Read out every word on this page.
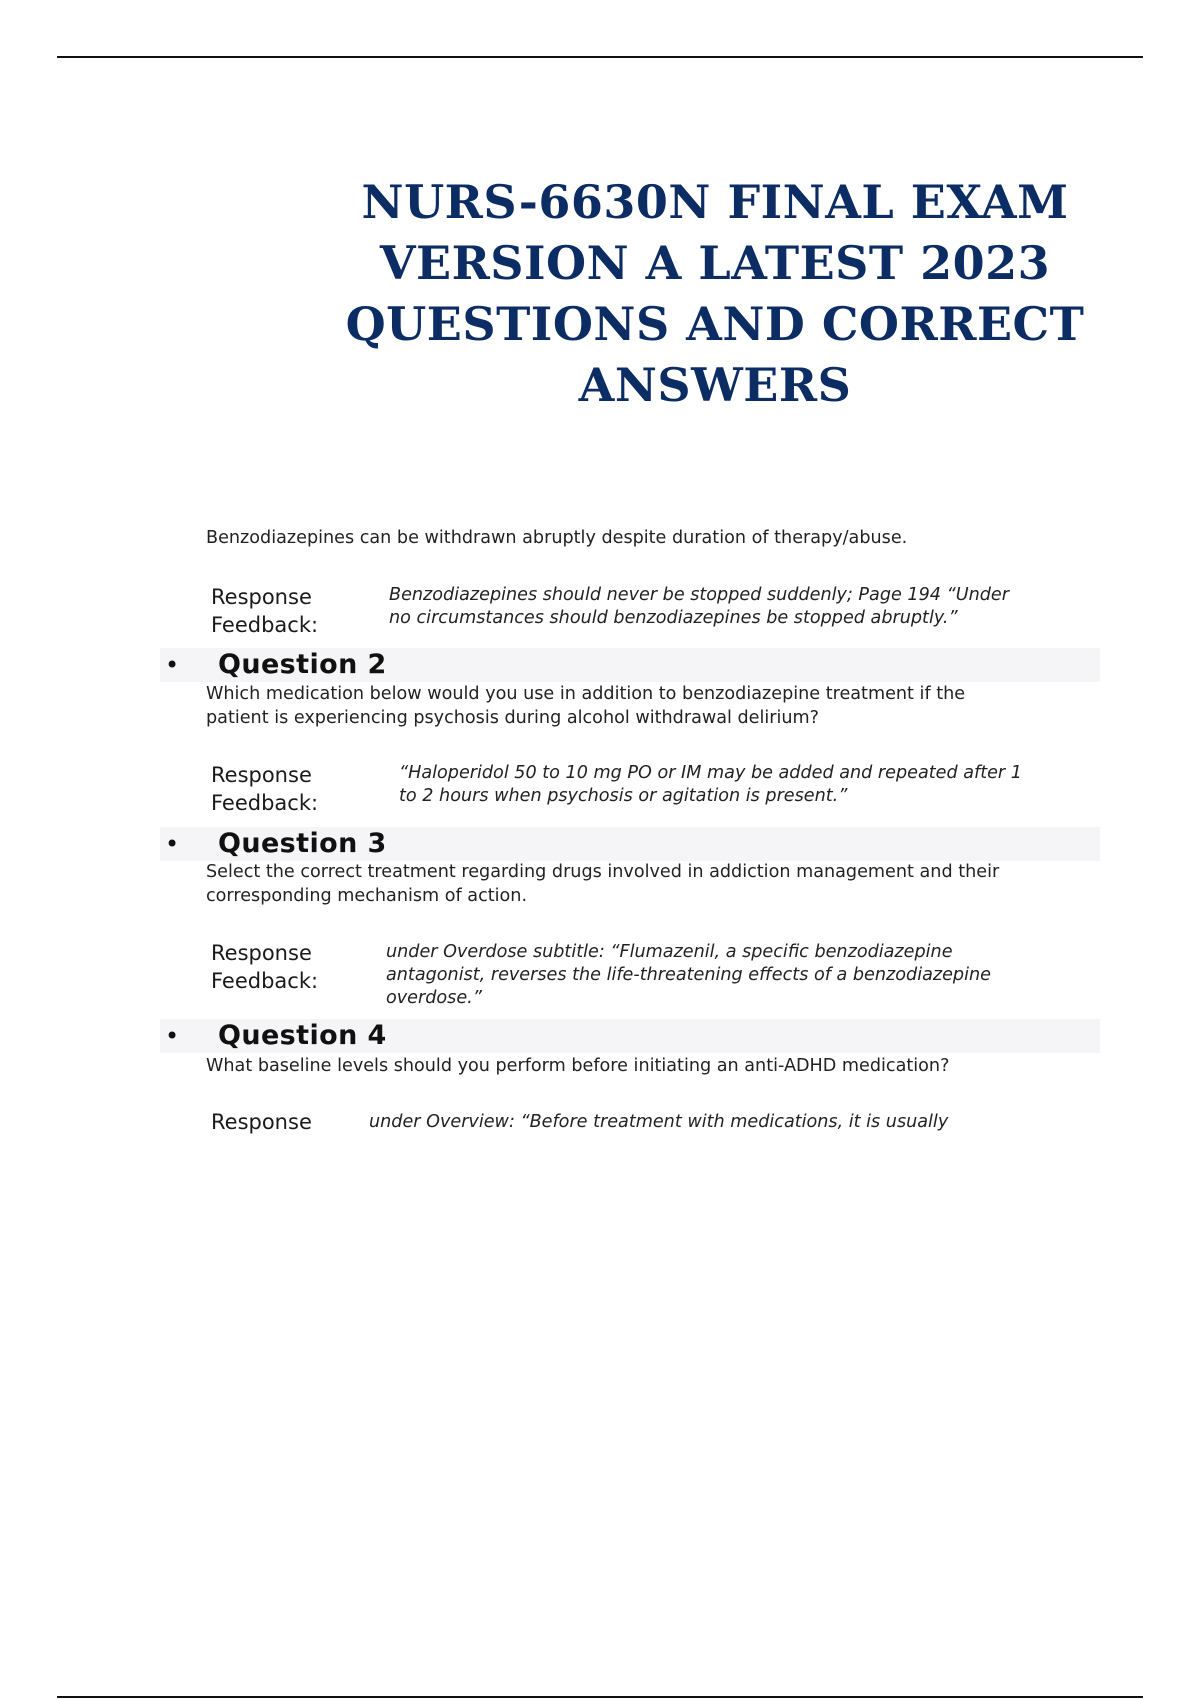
NURS-6630N FINAL EXAM
VERSION A LATEST 2023
QUESTIONS AND CORRECT
ANSWERS
Benzodiazepines can be withdrawn abruptly despite duration of therapy/abuse.
Response
Feedback:
Benzodiazepines should never be stopped suddenly; Page 194 “Under
no circumstances should benzodiazepines be stopped abruptly.”
• Question 2
Which medication below would you use in addition to benzodiazepine treatment if the
patient is experiencing psychosis during alcohol withdrawal delirium?
Response
Feedback:
“Haloperidol 50 to 10 mg PO or IM may be added and repeated after 1
to 2 hours when psychosis or agitation is present.”
• Question 3
Select the correct treatment regarding drugs involved in addiction management and their
corresponding mechanism of action.
Response
Feedback:
under Overdose subtitle: “Flumazenil, a specific benzodiazepine
antagonist, reverses the life-threatening effects of a benzodiazepine
overdose.”
• Question 4
What baseline levels should you perform before initiating an anti-ADHD medication?
Response	under Overview: “Before treatment with medications, it is usually
